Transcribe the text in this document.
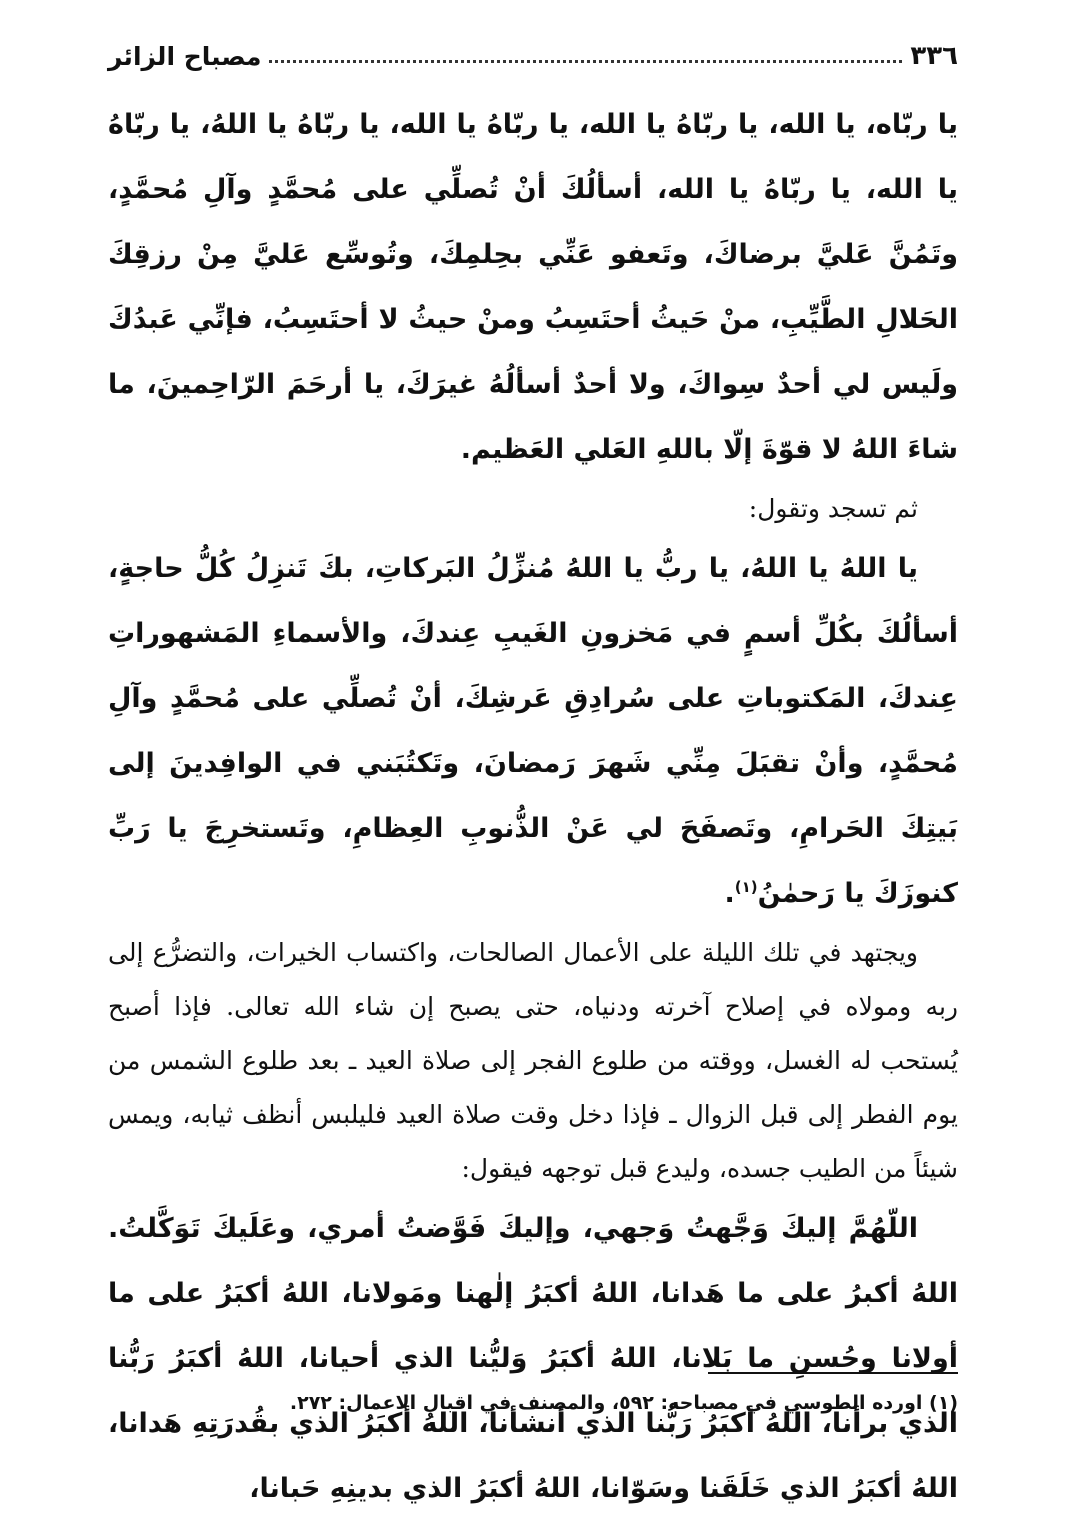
٣٣٦
مصباح الزائر

يا ربّاه، يا الله، يا ربّاهُ يا الله، يا ربّاهُ يا الله، يا ربّاهُ يا اللهُ، يا ربّاهُ يا الله، يا ربّاهُ يا الله، أسألُكَ أنْ تُصلِّي على مُحمَّدٍ وآلِ مُحمَّدٍ، وتَمُنَّ عَليَّ برضاكَ، وتَعفو عَنِّي بحِلمِكَ، وتُوسِّع عَليَّ مِنْ رزقِكَ الحَلالِ الطَّيِّبِ، منْ حَيثُ أحتَسِبُ ومنْ حيثُ لا أحتَسِبُ، فإنِّي عَبدُكَ ولَيس لي أحدٌ سِواكَ، ولا أحدٌ أسألُهُ غيرَكَ، يا أرحَمَ الرّاحِمينَ، ما شاءَ اللهُ لا قوّةَ إلّا باللهِ العَلي العَظيم.

ثم تسجد وتقول:

يا اللهُ يا اللهُ، يا ربُّ يا اللهُ مُنزِّلُ البَركاتِ، بكَ تَنزِلُ كُلُّ حاجةٍ، أسألُكَ بكُلِّ أسمٍ في مَخزونِ الغَيبِ عِندكَ، والأسماءِ المَشهوراتِ عِندكَ، المَكتوباتِ على سُرادِقِ عَرشِكَ، أنْ تُصلِّي على مُحمَّدٍ وآلِ مُحمَّدٍ، وأنْ تقبَلَ مِنِّي شَهرَ رَمضانَ، وتَكتُبَني في الوافِدينَ إلى بَيتِكَ الحَرامِ، وتَصفَحَ لي عَنْ الذُّنوبِ العِظامِ، وتَستخرِجَ يا رَبِّ كنوزَكَ يا رَحمٰنُ$^{(١)}$.

ويجتهد في تلك الليلة على الأعمال الصالحات، واكتساب الخيرات، والتضرُّع إلى ربه ومولاه في إصلاح آخرته ودنياه، حتى يصبح إن شاء الله تعالى. فإذا أصبح يُستحب له الغسل، ووقته من طلوع الفجر إلى صلاة العيد ـ بعد طلوع الشمس من يوم الفطر إلى قبل الزوال ـ فإذا دخل وقت صلاة العيد فليلبس أنظف ثيابه، ويمس شيئاً من الطيب جسده، وليدع قبل توجهه فيقول:

اللّهُمَّ إليكَ وَجَّهتُ وَجهي، وإليكَ فَوَّضتُ أمري، وعَلَيكَ تَوَكَّلتُ. اللهُ أكبرُ على ما هَدانا، اللهُ أكبَرُ إلٰهنا ومَولانا، اللهُ أكبَرُ على ما أولانا وحُسنِ ما بَلانا، اللهُ أكبَرُ وَليُّنا الذي أحيانا، اللهُ أكبَرُ رَبُّنا الذي برأنا، اللهُ أكبَرُ رَبُّنا الذي أنشأنا، اللهُ أكبَرُ الذي بقُدرَتِهِ هَدانا، اللهُ أكبَرُ الذي خَلَقَنا وسَوّانا، اللهُ أكبَرُ الذي بدينِهِ حَبانا،

(١) اورده الطوسي في مصباحه: ٥٩٢، والمصنف في اقبال الاعمال: ٢٧٢.
